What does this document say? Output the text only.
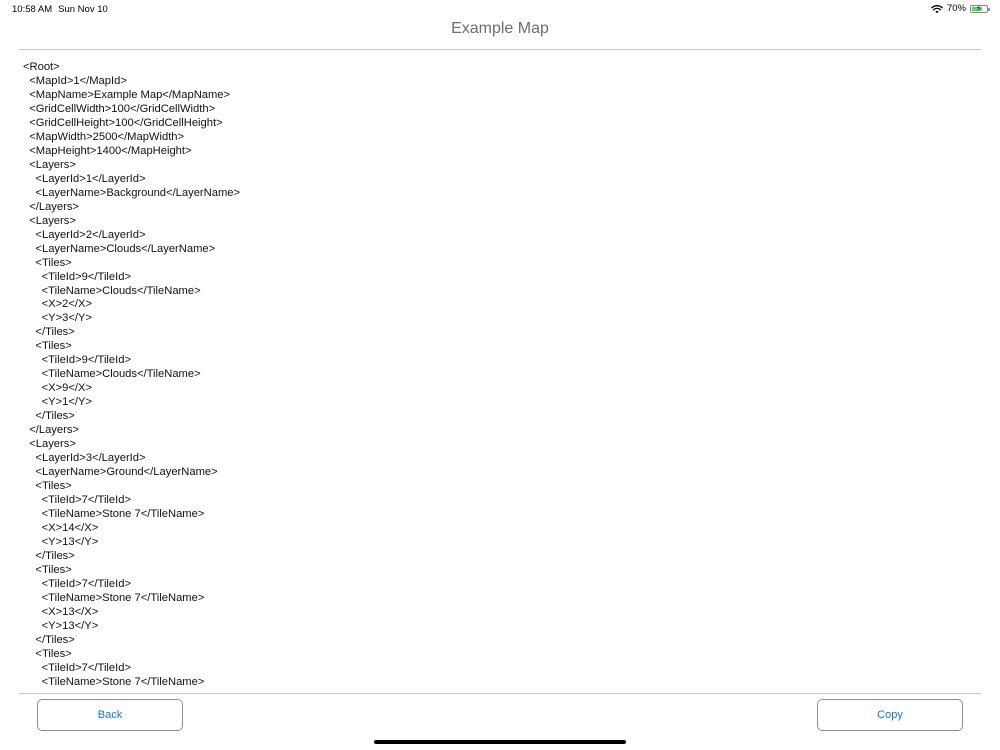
10:58 AM Sun Nov 10	70% ⚡
Example Map
<Root>
<MapId>1</MapId>
<MapName>Example Map</MapName>
<GridCellWidth>100</GridCellWidth>
<GridCellHeight>100</GridCellHeight>
<MapWidth>2500</MapWidth>
<MapHeight>1400</MapHeight>
<Layers>
<LayerId>1</LayerId>
<LayerName>Background</LayerName>
</Layers>
<Layers>
<LayerId>2</LayerId>
<LayerName>Clouds</LayerName>
<Tiles>
<TileId>9</TileId>
<TileName>Clouds</TileName>
<X>2</X>
<Y>3</Y>
</Tiles>
<Tiles>
<TileId>9</TileId>
<TileName>Clouds</TileName>
<X>9</X>
<Y>1</Y>
</Tiles>
</Layers>
<Layers>
<LayerId>3</LayerId>
<LayerName>Ground</LayerName>
<Tiles>
<TileId>7</TileId>
<TileName>Stone 7</TileName>
<X>14</X>
<Y>13</Y>
</Tiles>
<Tiles>
<TileId>7</TileId>
<TileName>Stone 7</TileName>
<X>13</X>
<Y>13</Y>
</Tiles>
<Tiles>
<TileId>7</TileId>
<TileName>Stone 7</TileName>
Back	Copy
